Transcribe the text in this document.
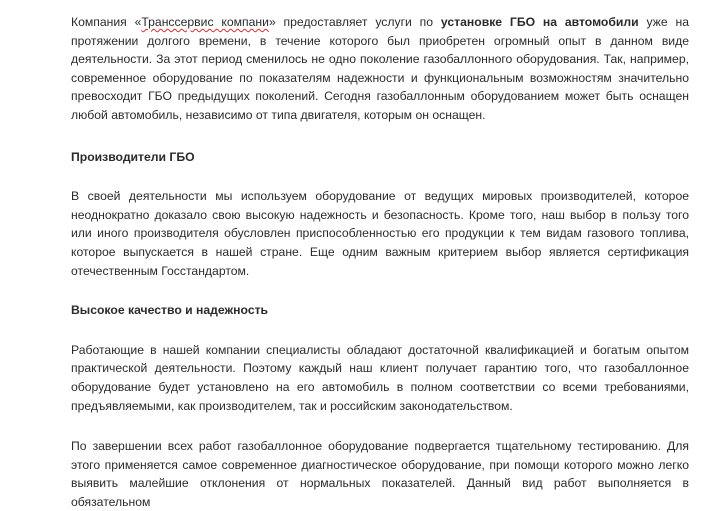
Компания «Транссервис компани» предоставляет услуги по установке ГБО на автомобили уже на протяжении долгого времени, в течение которого был приобретен огромный опыт в данном виде деятельности. За этот период сменилось не одно поколение газобаллонного оборудования. Так, например, современное оборудование по показателям надежности и функциональным возможностям значительно превосходит ГБО предыдущих поколений. Сегодня газобаллонным оборудованием может быть оснащен любой автомобиль, независимо от типа двигателя, которым он оснащен.

Производители ГБО

В своей деятельности мы используем оборудование от ведущих мировых производителей, которое неоднократно доказало свою высокую надежность и безопасность. Кроме того, наш выбор в пользу того или иного производителя обусловлен приспособленностью его продукции к тем видам газового топлива, которое выпускается в нашей стране. Еще одним важным критерием выбор является сертификация отечественным Госстандартом.

Высокое качество и надежность

Работающие в нашей компании специалисты обладают достаточной квалификацией и богатым опытом практической деятельности. Поэтому каждый наш клиент получает гарантию того, что газобаллонное оборудование будет установлено на его автомобиль в полном соответствии со всеми требованиями, предъявляемыми, как производителем, так и российским законодательством.

По завершении всех работ газобаллонное оборудование подвергается тщательному тестированию. Для этого применяется самое современное диагностическое оборудование, при помощи которого можно легко выявить малейшие отклонения от нормальных показателей. Данный вид работ выполняется в обязательном
